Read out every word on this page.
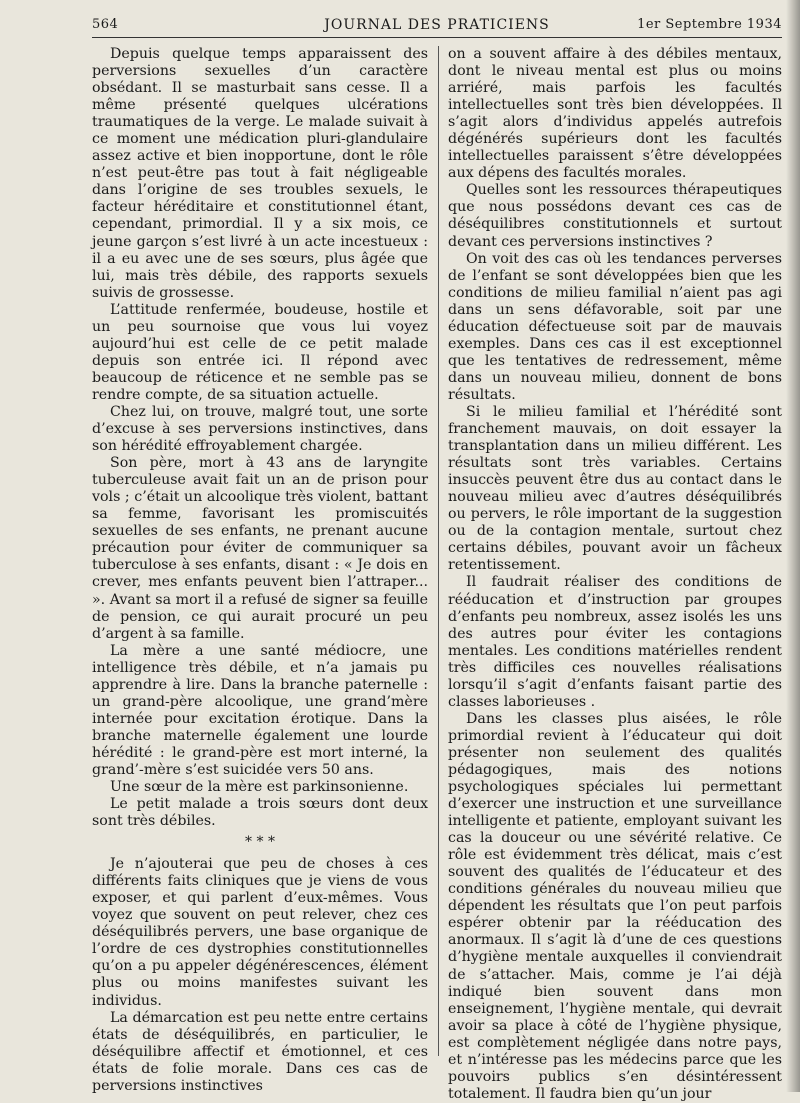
564	JOURNAL DES PRATICIENS	1er Septembre 1934

Depuis quelque temps apparaissent des perversions sexuelles d’un caractère obsédant. Il se masturbait sans cesse. Il a même présenté quelques ulcérations traumatiques de la verge. Le malade suivait à ce moment une médication pluri-glandulaire assez active et bien inopportune, dont le rôle n’est peut-être pas tout à fait négligeable dans l’origine de ses troubles sexuels, le facteur héréditaire et constitutionnel étant, cependant, primordial. Il y a six mois, ce jeune garçon s’est livré à un acte incestueux : il a eu avec une de ses sœurs, plus âgée que lui, mais très débile, des rapports sexuels suivis de grossesse.

L’attitude renfermée, boudeuse, hostile et un peu sournoise que vous lui voyez aujourd’hui est celle de ce petit malade depuis son entrée ici. Il répond avec beaucoup de réticence et ne semble pas se rendre compte, de sa situation actuelle.

Chez lui, on trouve, malgré tout, une sorte d’excuse à ses perversions instinctives, dans son hérédité effroyablement chargée.

Son père, mort à 43 ans de laryngite tuberculeuse avait fait un an de prison pour vols ; c’était un alcoolique très violent, battant sa femme, favorisant les promiscuités sexuelles de ses enfants, ne prenant aucune précaution pour éviter de communiquer sa tuberculose à ses enfants, disant : « Je dois en crever, mes enfants peuvent bien l’attraper... ». Avant sa mort il a refusé de signer sa feuille de pension, ce qui aurait procuré un peu d’argent à sa famille.

La mère a une santé médiocre, une intelligence très débile, et n’a jamais pu apprendre à lire. Dans la branche paternelle : un grand-père alcoolique, une grand’mère internée pour excitation érotique. Dans la branche maternelle également une lourde hérédité : le grand-père est mort interné, la grand’-mère s’est suicidée vers 50 ans.

Une sœur de la mère est parkinsonienne.

Le petit malade a trois sœurs dont deux sont très débiles.

* * *

Je n’ajouterai que peu de choses à ces différents faits cliniques que je viens de vous exposer, et qui parlent d’eux-mêmes. Vous voyez que souvent on peut relever, chez ces déséquilibrés pervers, une base organique de l’ordre de ces dystrophies constitutionnelles qu’on a pu appeler dégénérescences, élément plus ou moins manifestes suivant les individus.

La démarcation est peu nette entre certains états de déséquilibrés, en particulier, le déséquilibre affectif et émotionnel, et ces états de folie morale. Dans ces cas de perversions instinctives

on a souvent affaire à des débiles mentaux, dont le niveau mental est plus ou moins arriéré, mais parfois les facultés intellectuelles sont très bien développées. Il s’agit alors d’individus appelés autrefois dégénérés supérieurs dont les facultés intellectuelles paraissent s’être développées aux dépens des facultés morales.

Quelles sont les ressources thérapeutiques que nous possédons devant ces cas de déséquilibres constitutionnels et surtout devant ces perversions instinctives ?

On voit des cas où les tendances perverses de l’enfant se sont développées bien que les conditions de milieu familial n’aient pas agi dans un sens défavorable, soit par une éducation défectueuse soit par de mauvais exemples. Dans ces cas il est exceptionnel que les tentatives de redressement, même dans un nouveau milieu, donnent de bons résultats.

Si le milieu familial et l’hérédité sont franchement mauvais, on doit essayer la transplantation dans un milieu différent. Les résultats sont très variables. Certains insuccès peuvent être dus au contact dans le nouveau milieu avec d’autres déséquilibrés ou pervers, le rôle important de la suggestion ou de la contagion mentale, surtout chez certains débiles, pouvant avoir un fâcheux retentissement.

Il faudrait réaliser des conditions de rééducation et d’instruction par groupes d’enfants peu nombreux, assez isolés les uns des autres pour éviter les contagions mentales. Les conditions matérielles rendent très difficiles ces nouvelles réalisations lorsqu’il s’agit d’enfants faisant partie des classes laborieuses .

Dans les classes plus aisées, le rôle primordial revient à l’éducateur qui doit présenter non seulement des qualités pédagogiques, mais des notions psychologiques spéciales lui permettant d’exercer une instruction et une surveillance intelligente et patiente, employant suivant les cas la douceur ou une sévérité relative. Ce rôle est évidemment très délicat, mais c’est souvent des qualités de l’éducateur et des conditions générales du nouveau milieu que dépendent les résultats que l’on peut parfois espérer obtenir par la rééducation des anormaux. Il s’agit là d’une de ces questions d’hygiène mentale auxquelles il conviendrait de s’attacher. Mais, comme je l’ai déjà indiqué bien souvent dans mon enseignement, l’hygiène mentale, qui devrait avoir sa place à côté de l’hygiène physique, est complètement négligée dans notre pays, et n’intéresse pas les médecins parce que les pouvoirs publics s’en désintéressent totalement. Il faudra bien qu’un jour
